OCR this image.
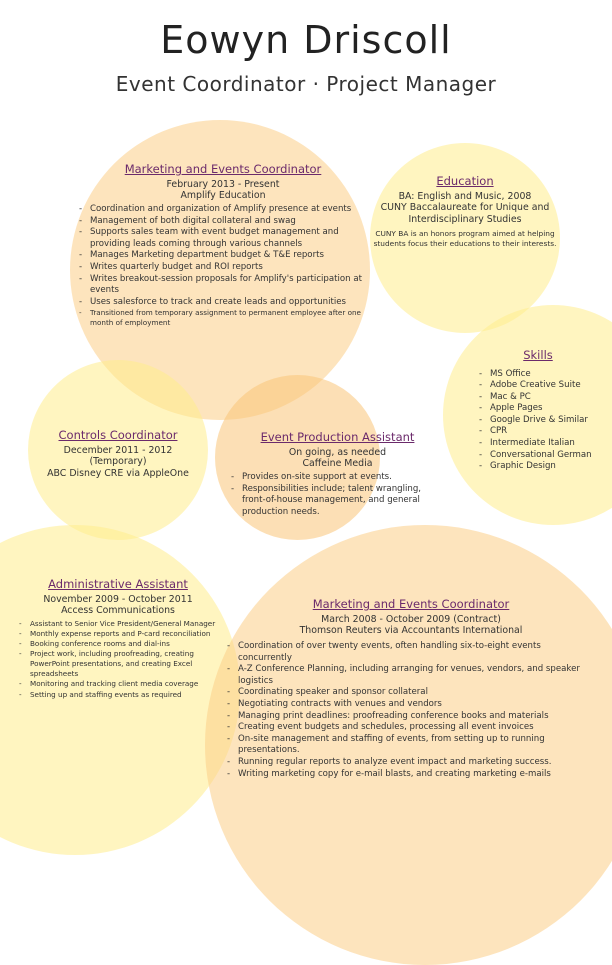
Eowyn Driscoll
Event Coordinator · Project Manager
Marketing and Events Coordinator
February 2013 - Present
Amplify Education
- Coordination and organization of Amplify presence at events
- Management of both digital collateral and swag
- Supports sales team with event budget management and providing leads coming through various channels
- Manages Marketing department budget & T&E reports
- Writes quarterly budget and ROI reports
- Writes breakout-session proposals for Amplify's participation at events
- Uses salesforce to track and create leads and opportunities
- Transitioned from temporary assignment to permanent employee after one month of employment
Education
BA: English and Music, 2008
CUNY Baccalaureate for Unique and Interdisciplinary Studies
CUNY BA is an honors program aimed at helping students focus their educations to their interests.
Skills
- MS Office
- Adobe Creative Suite
- Mac & PC
- Apple Pages
- Google Drive & Similar
- CPR
- Intermediate Italian
- Conversational German
- Graphic Design
Controls Coordinator
December 2011 - 2012 (Temporary)
ABC Disney CRE via AppleOne
Event Production Assistant
On going, as needed
Caffeine Media
- Provides on-site support at events.
- Responsibilities include; talent wrangling, front-of-house management, and general production needs.
Administrative Assistant
November 2009 - October 2011
Access Communications
- Assistant to Senior Vice President/General Manager
- Monthly expense reports and P-card reconciliation
- Booking conference rooms and dial-ins
- Project work, including proofreading, creating PowerPoint presentations, and creating Excel spreadsheets
- Monitoring and tracking client media coverage
- Setting up and staffing events as required
Marketing and Events Coordinator
March 2008 - October 2009 (Contract)
Thomson Reuters via Accountants International
- Coordination of over twenty events, often handling six-to-eight events concurrently
- A-Z Conference Planning, including arranging for venues, vendors, and speaker logistics
- Coordinating speaker and sponsor collateral
- Negotiating contracts with venues and vendors
- Managing print deadlines: proofreading conference books and materials
- Creating event budgets and schedules, processing all event invoices
- On-site management and staffing of events, from setting up to running presentations.
- Running regular reports to analyze event impact and marketing success.
- Writing marketing copy for e-mail blasts, and creating marketing e-mails
